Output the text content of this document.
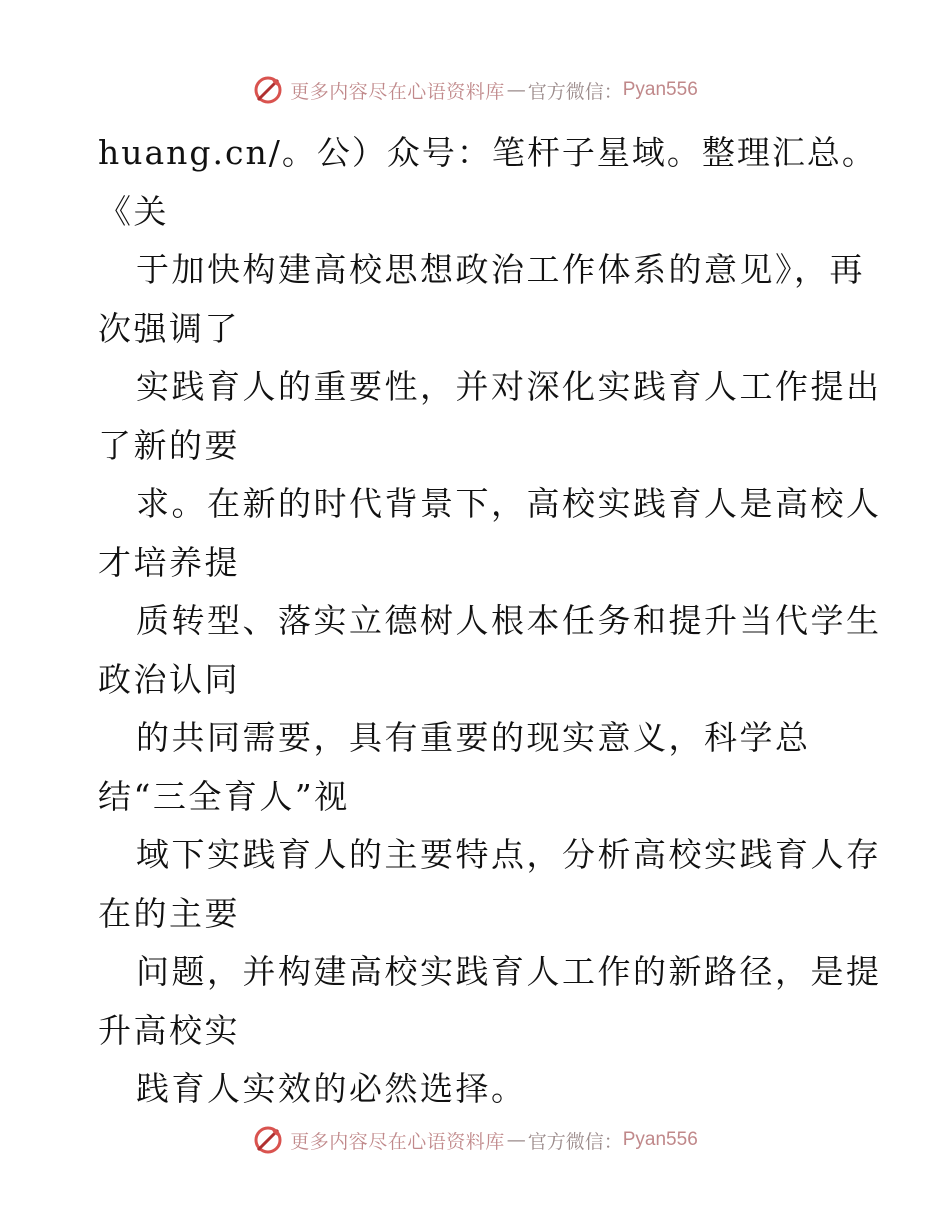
更多内容尽在心语资料库 — 官方微信： Pyan556
huang.cn/。公）众号：笔杆子星域。整理汇总。
《关
于加快构建高校思想政治工作体系的意见》，再
次强调了
实践育人的重要性，并对深化实践育人工作提出
了新的要
求。在新的时代背景下，高校实践育人是高校人
才培养提
质转型、落实立德树人根本任务和提升当代学生
政治认同
的共同需要，具有重要的现实意义，科学总
结“三全育人”视
域下实践育人的主要特点，分析高校实践育人存
在的主要
问题，并构建高校实践育人工作的新路径，是提
升高校实
践育人实效的必然选择。
更多内容尽在心语资料库 — 官方微信： Pyan556
